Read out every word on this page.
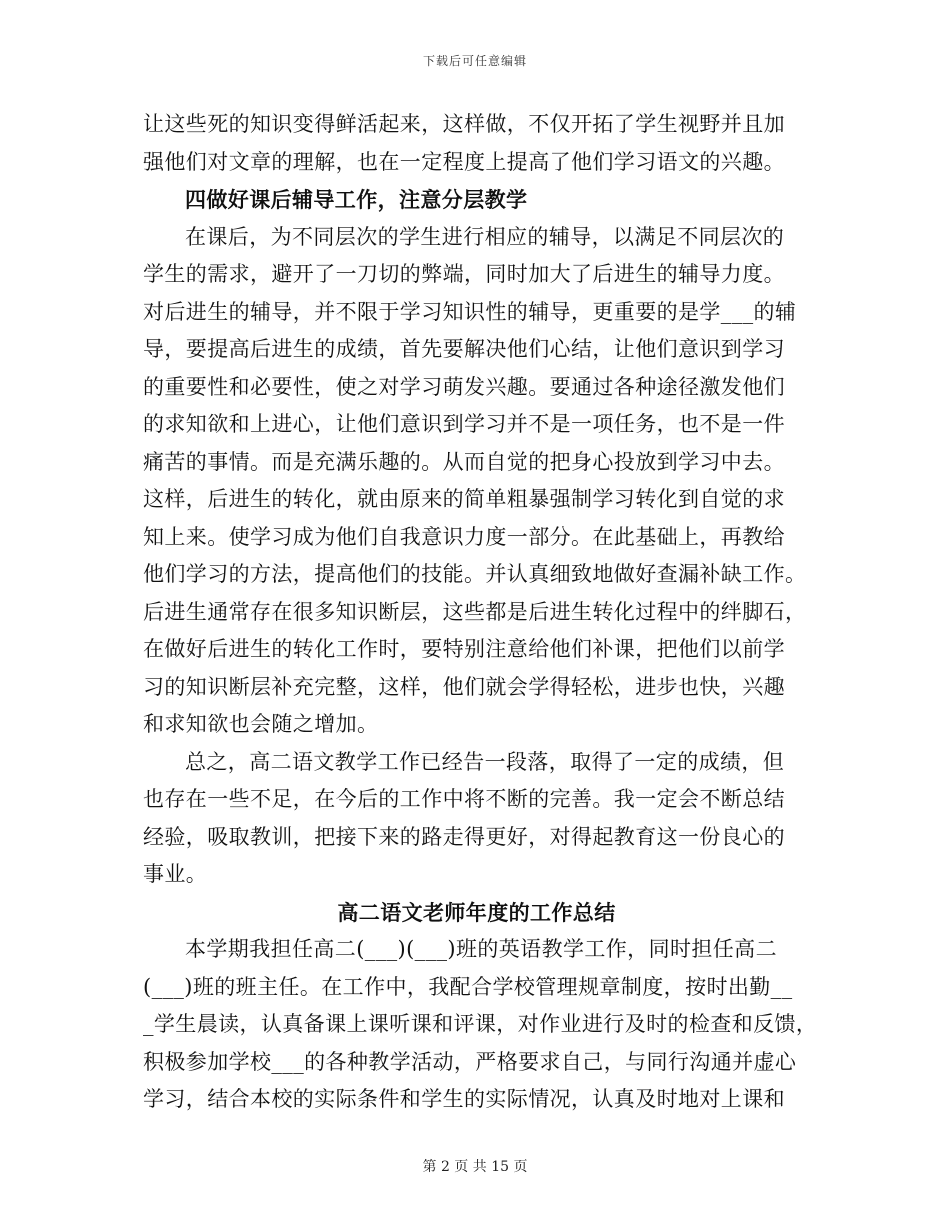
下载后可任意编辑
让这些死的知识变得鲜活起来，这样做，不仅开拓了学生视野并且加
强他们对文章的理解，也在一定程度上提高了他们学习语文的兴趣。
四做好课后辅导工作，注意分层教学
在课后，为不同层次的学生进行相应的辅导，以满足不同层次的
学生的需求，避开了一刀切的弊端，同时加大了后进生的辅导力度。
对后进生的辅导，并不限于学习知识性的辅导，更重要的是学___的辅
导，要提高后进生的成绩，首先要解决他们心结，让他们意识到学习
的重要性和必要性，使之对学习萌发兴趣。要通过各种途径激发他们
的求知欲和上进心，让他们意识到学习并不是一项任务，也不是一件
痛苦的事情。而是充满乐趣的。从而自觉的把身心投放到学习中去。
这样，后进生的转化，就由原来的简单粗暴强制学习转化到自觉的求
知上来。使学习成为他们自我意识力度一部分。在此基础上，再教给
他们学习的方法，提高他们的技能。并认真细致地做好查漏补缺工作。
后进生通常存在很多知识断层，这些都是后进生转化过程中的绊脚石，
在做好后进生的转化工作时，要特别注意给他们补课，把他们以前学
习的知识断层补充完整，这样，他们就会学得轻松，进步也快，兴趣
和求知欲也会随之增加。
总之，高二语文教学工作已经告一段落，取得了一定的成绩，但
也存在一些不足，在今后的工作中将不断的完善。我一定会不断总结
经验，吸取教训，把接下来的路走得更好，对得起教育这一份良心的
事业。
高二语文老师年度的工作总结
本学期我担任高二(___)(___)班的英语教学工作，同时担任高二
(___)班的班主任。在工作中，我配合学校管理规章制度，按时出勤__
_学生晨读，认真备课上课听课和评课，对作业进行及时的检查和反馈，
积极参加学校___的各种教学活动，严格要求自己，与同行沟通并虚心
学习，结合本校的实际条件和学生的实际情况，认真及时地对上课和
第 2 页 共 15 页
